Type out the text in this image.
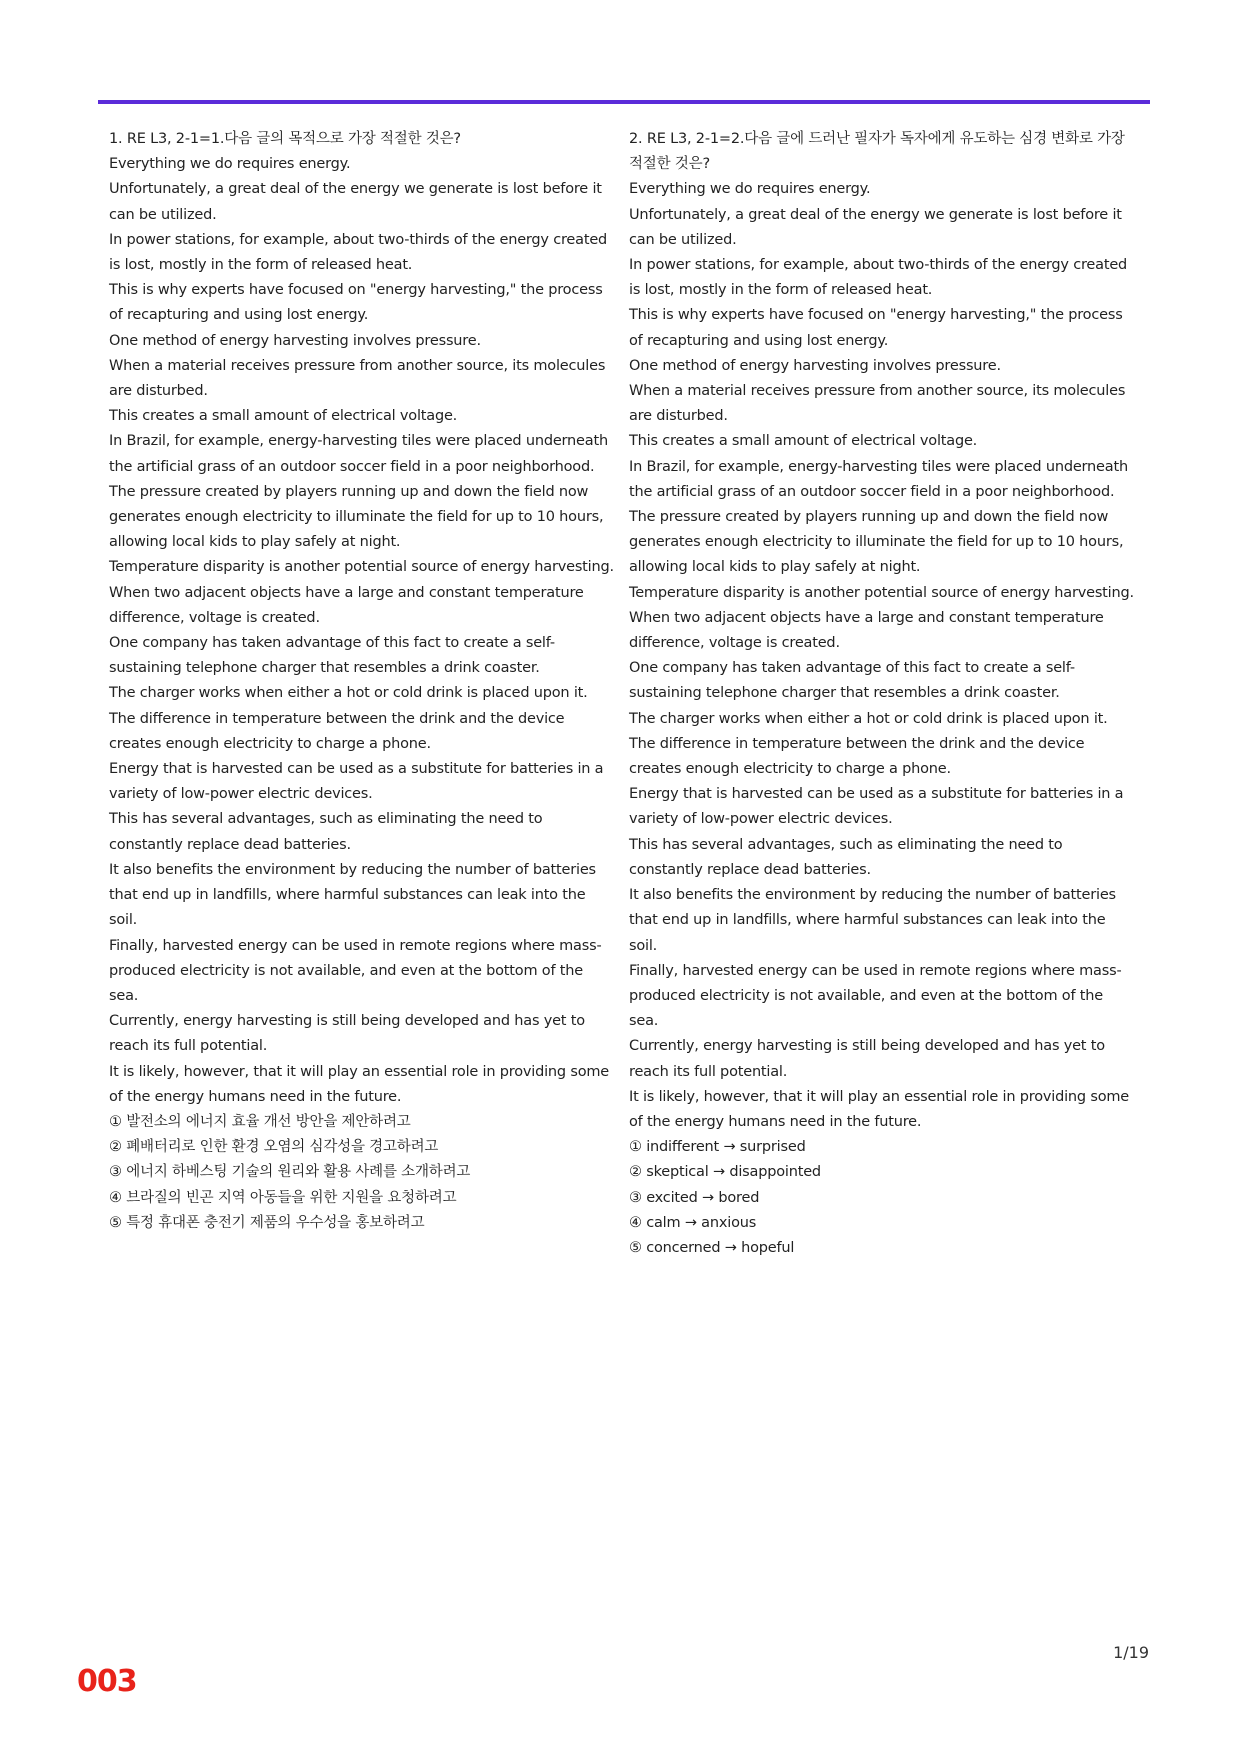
1. RE L3, 2-1=1.다음 글의 목적으로 가장 적절한 것은?

Everything we do requires energy.

Unfortunately, a great deal of the energy we generate is lost before it can be utilized.

In power stations, for example, about two-thirds of the energy created is lost, mostly in the form of released heat.

This is why experts have focused on "energy harvesting," the process of recapturing and using lost energy.

One method of energy harvesting involves pressure.

When a material receives pressure from another source, its molecules are disturbed.

This creates a small amount of electrical voltage.

In Brazil, for example, energy-harvesting tiles were placed underneath the artificial grass of an outdoor soccer field in a poor neighborhood.

The pressure created by players running up and down the field now generates enough electricity to illuminate the field for up to 10 hours, allowing local kids to play safely at night.

Temperature disparity is another potential source of energy harvesting.

When two adjacent objects have a large and constant temperature difference, voltage is created.

One company has taken advantage of this fact to create a self-sustaining telephone charger that resembles a drink coaster.

The charger works when either a hot or cold drink is placed upon it.

The difference in temperature between the drink and the device creates enough electricity to charge a phone.

Energy that is harvested can be used as a substitute for batteries in a variety of low-power electric devices.

This has several advantages, such as eliminating the need to constantly replace dead batteries.

It also benefits the environment by reducing the number of batteries that end up in landfills, where harmful substances can leak into the soil.

Finally, harvested energy can be used in remote regions where mass-produced electricity is not available, and even at the bottom of the sea.

Currently, energy harvesting is still being developed and has yet to reach its full potential.

It is likely, however, that it will play an essential role in providing some of the energy humans need in the future.

① 발전소의 에너지 효율 개선 방안을 제안하려고

② 폐배터리로 인한 환경 오염의 심각성을 경고하려고

③ 에너지 하베스팅 기술의 원리와 활용 사례를 소개하려고

④ 브라질의 빈곤 지역 아동들을 위한 지원을 요청하려고

⑤ 특정 휴대폰 충전기 제품의 우수성을 홍보하려고

2. RE L3, 2-1=2.다음 글에 드러난 필자가 독자에게 유도하는 심경 변화로 가장 적절한 것은?

Everything we do requires energy.

Unfortunately, a great deal of the energy we generate is lost before it can be utilized.

In power stations, for example, about two-thirds of the energy created is lost, mostly in the form of released heat.

This is why experts have focused on "energy harvesting," the process of recapturing and using lost energy.

One method of energy harvesting involves pressure.

When a material receives pressure from another source, its molecules are disturbed.

This creates a small amount of electrical voltage.

In Brazil, for example, energy-harvesting tiles were placed underneath the artificial grass of an outdoor soccer field in a poor neighborhood.

The pressure created by players running up and down the field now generates enough electricity to illuminate the field for up to 10 hours, allowing local kids to play safely at night.

Temperature disparity is another potential source of energy harvesting.

When two adjacent objects have a large and constant temperature difference, voltage is created.

One company has taken advantage of this fact to create a self-sustaining telephone charger that resembles a drink coaster.

The charger works when either a hot or cold drink is placed upon it.

The difference in temperature between the drink and the device creates enough electricity to charge a phone.

Energy that is harvested can be used as a substitute for batteries in a variety of low-power electric devices.

This has several advantages, such as eliminating the need to constantly replace dead batteries.

It also benefits the environment by reducing the number of batteries that end up in landfills, where harmful substances can leak into the soil.

Finally, harvested energy can be used in remote regions where mass-produced electricity is not available, and even at the bottom of the sea.

Currently, energy harvesting is still being developed and has yet to reach its full potential.

It is likely, however, that it will play an essential role in providing some of the energy humans need in the future.

① indifferent → surprised

② skeptical → disappointed

③ excited → bored

④ calm → anxious

⑤ concerned → hopeful

1/19
003
